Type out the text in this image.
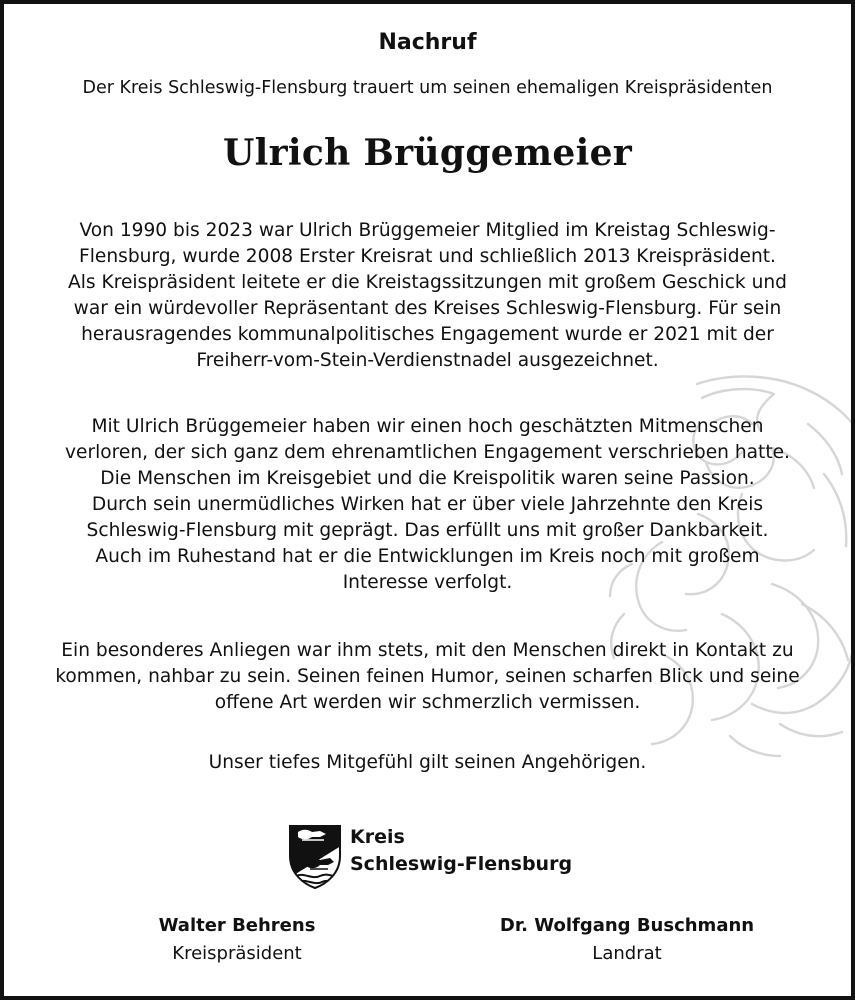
Nachruf
Der Kreis Schleswig-Flensburg trauert um seinen ehemaligen Kreispräsidenten
Ulrich Brüggemeier
Von 1990 bis 2023 war Ulrich Brüggemeier Mitglied im Kreistag Schleswig-
Flensburg, wurde 2008 Erster Kreisrat und schließlich 2013 Kreispräsident.
Als Kreispräsident leitete er die Kreistagssitzungen mit großem Geschick und
war ein würdevoller Repräsentant des Kreises Schleswig-Flensburg. Für sein
herausragendes kommunalpolitisches Engagement wurde er 2021 mit der
Freiherr-vom-Stein-Verdienstnadel ausgezeichnet.
Mit Ulrich Brüggemeier haben wir einen hoch geschätzten Mitmenschen
verloren, der sich ganz dem ehrenamtlichen Engagement verschrieben hatte.
Die Menschen im Kreisgebiet und die Kreispolitik waren seine Passion.
Durch sein unermüdliches Wirken hat er über viele Jahrzehnte den Kreis
Schleswig-Flensburg mit geprägt. Das erfüllt uns mit großer Dankbarkeit.
Auch im Ruhestand hat er die Entwicklungen im Kreis noch mit großem
Interesse verfolgt.
Ein besonderes Anliegen war ihm stets, mit den Menschen direkt in Kontakt zu
kommen, nahbar zu sein. Seinen feinen Humor, seinen scharfen Blick und seine
offene Art werden wir schmerzlich vermissen.
Unser tiefes Mitgefühl gilt seinen Angehörigen.
Kreis
Schleswig-Flensburg
Walter Behrens
Kreispräsident
Dr. Wolfgang Buschmann
Landrat
